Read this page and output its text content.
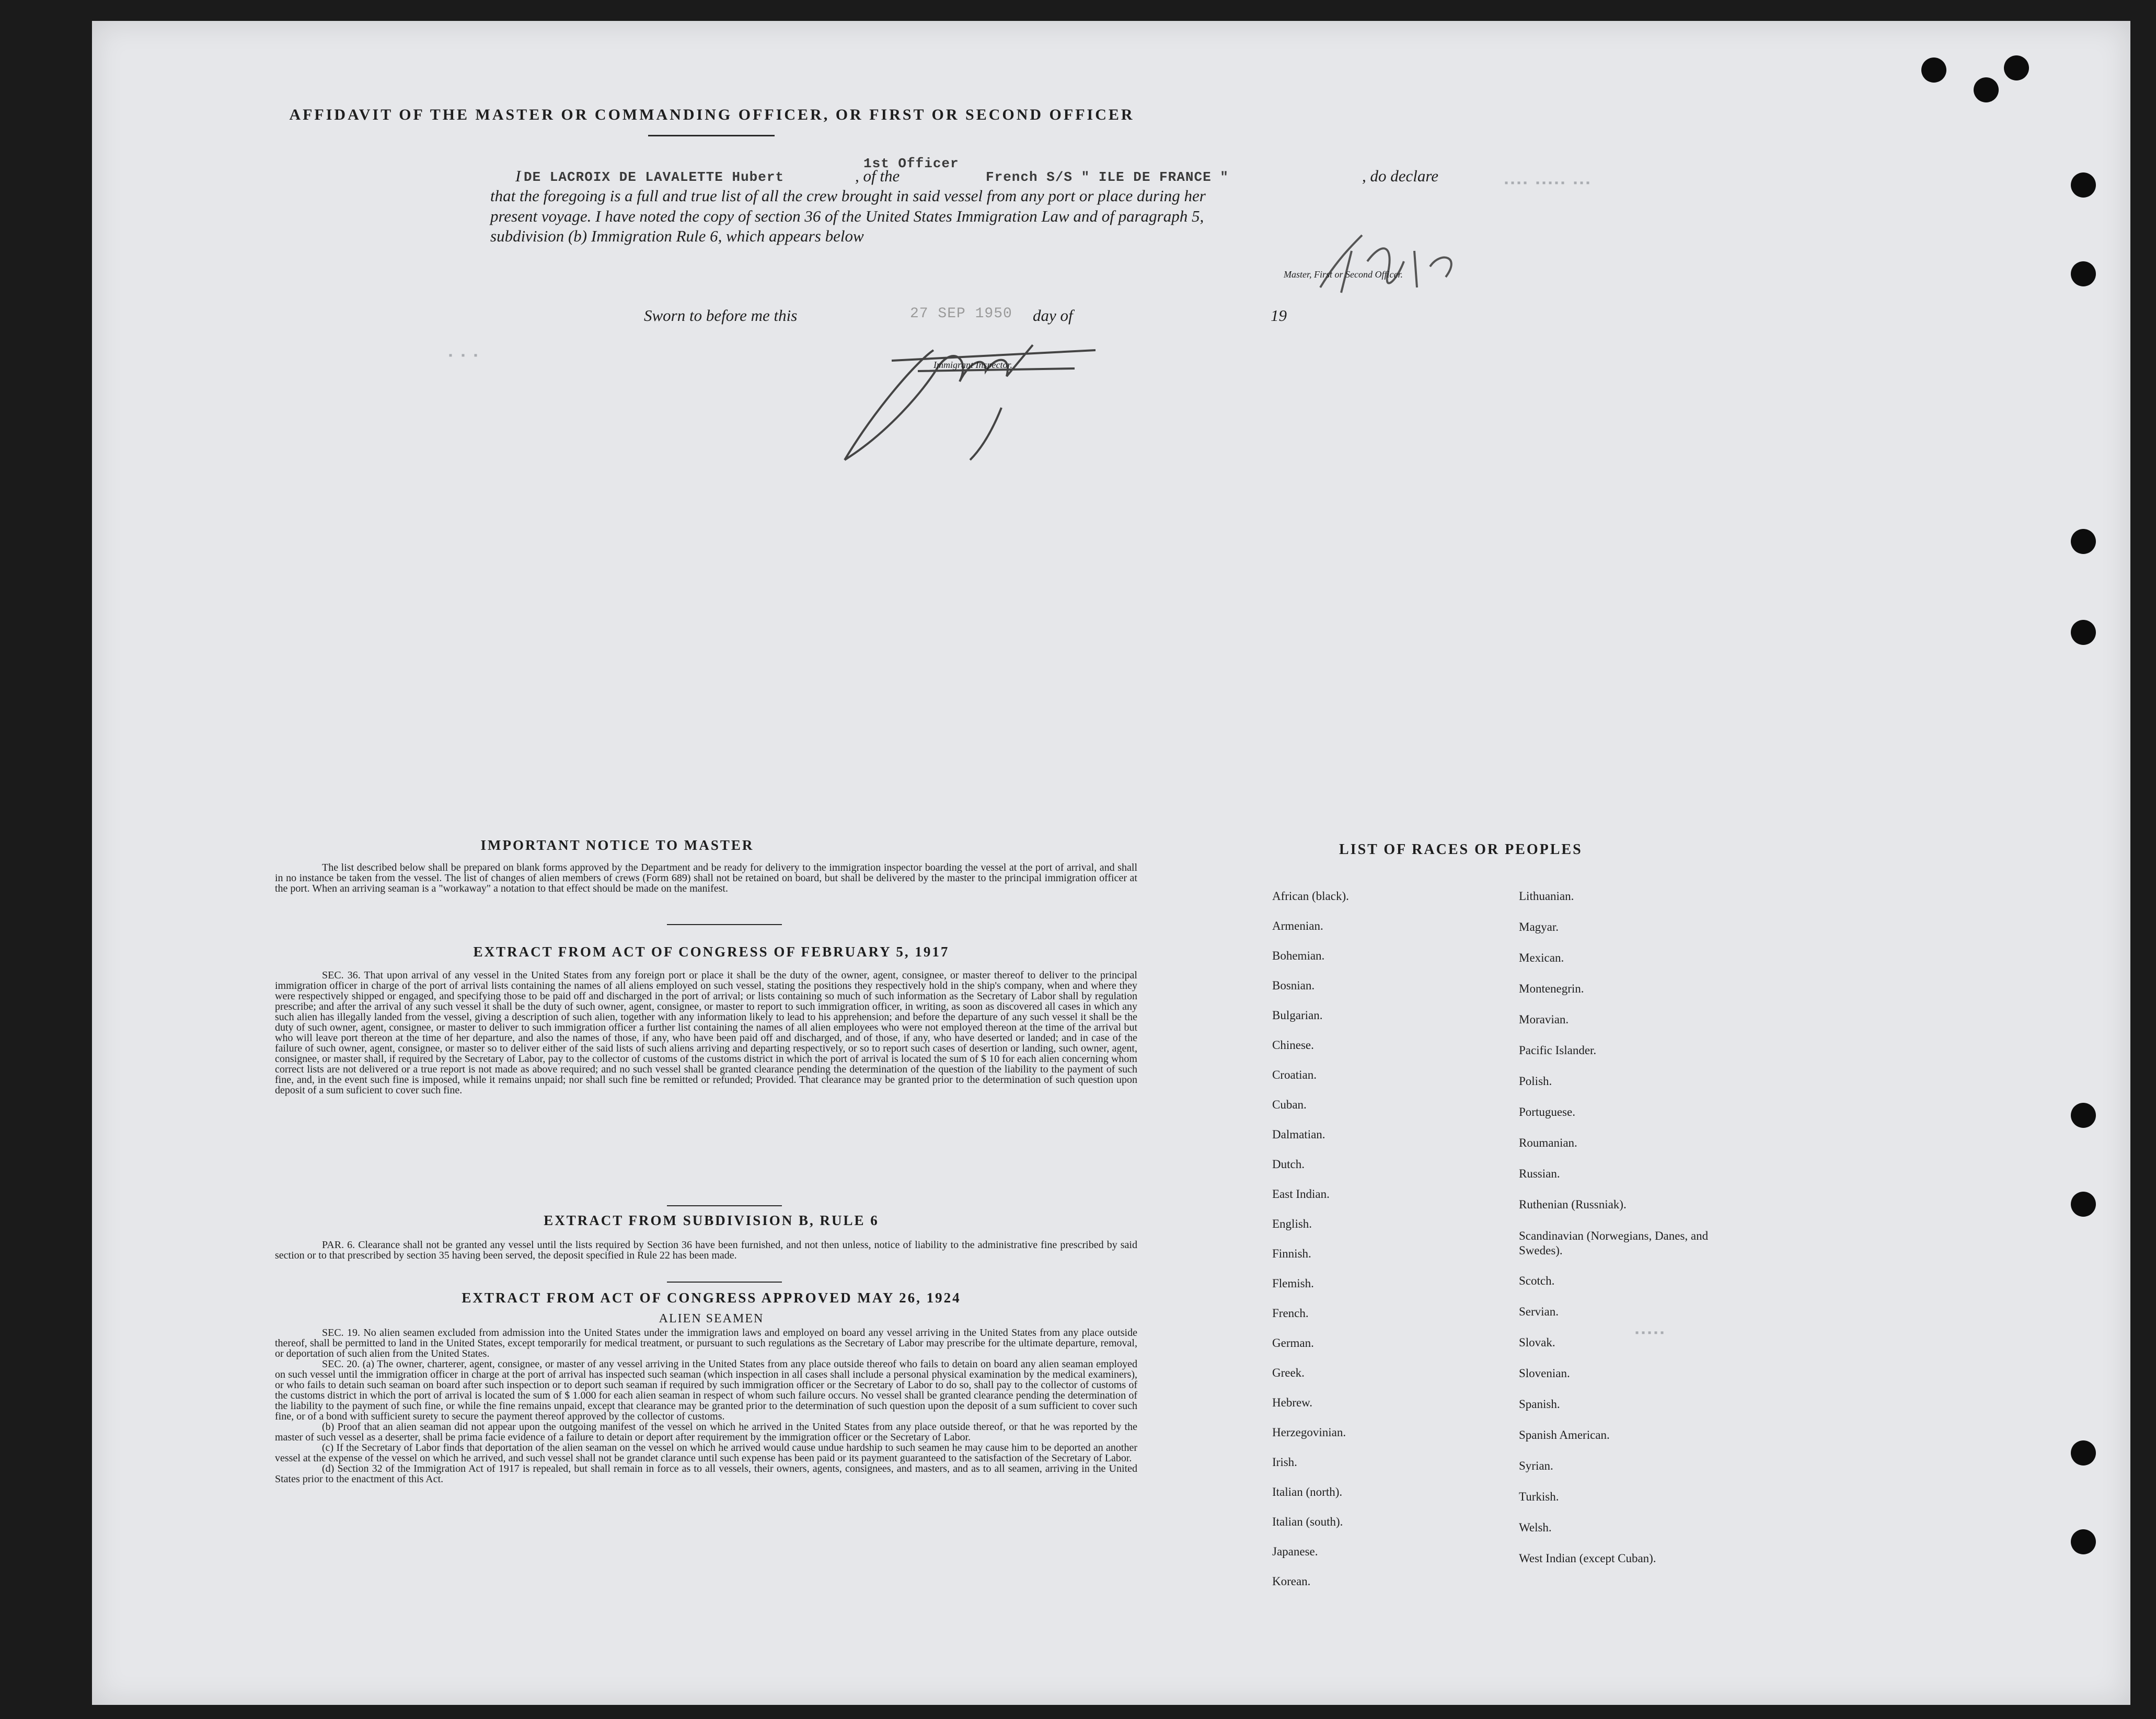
▪ ▪ ▪
▪▪▪▪ ▪▪▪▪▪ ▪▪▪
▪▪▪▪▪
AFFIDAVIT OF THE MASTER OR COMMANDING OFFICER, OR FIRST OR SECOND OFFICER
I DE LACROIX DE LAVALETTE Hubert
1st Officer
, of the	French S/S " ILE DE FRANCE "	, do declare
that the foregoing is a full and true list of all the crew brought in said vessel from any port or place during her
present voyage. I have noted the copy of section 36 of the United States Immigration Law and of paragraph 5,
subdivision (b) Immigration Rule 6, which appears below
Master, First or Second Officer.
Sworn to before me this	27 SEP 1950 day of	19
Immigrant Inspector.
IMPORTANT NOTICE TO MASTER

The list described below shall be prepared on blank forms approved by the Department and be ready for delivery to the immigration inspector boarding the vessel at the port of arrival, and shall in no instance be taken from the vessel. The list of changes of alien members of crews (Form 689) shall not be retained on board, but shall be delivered by the master to the principal immigration officer at the port. When an arriving seaman is a "workaway" a notation to that effect should be made on the manifest.

EXTRACT FROM ACT OF CONGRESS OF FEBRUARY 5, 1917

SEC. 36. That upon arrival of any vessel in the United States from any foreign port or place it shall be the duty of the owner, agent, consignee, or master thereof to deliver to the principal immigration officer in charge of the port of arrival lists containing the names of all aliens employed on such vessel, stating the positions they respectively hold in the ship's company, when and where they were respectively shipped or engaged, and specifying those to be paid off and discharged in the port of arrival; or lists containing so much of such information as the Secretary of Labor shall by regulation prescribe; and after the arrival of any such vessel it shall be the duty of such owner, agent, consignee, or master to report to such immigration officer, in writing, as soon as discovered all cases in which any such alien has illegally landed from the vessel, giving a description of such alien, together with any information likely to lead to his apprehension; and before the departure of any such vessel it shall be the duty of such owner, agent, consignee, or master to deliver to such immigration officer a further list containing the names of all alien employees who were not employed thereon at the time of the arrival but who will leave port thereon at the time of her departure, and also the names of those, if any, who have been paid off and discharged, and of those, if any, who have deserted or landed; and in case of the failure of such owner, agent, consignee, or master so to deliver either of the said lists of such aliens arriving and departing respectively, or so to report such cases of desertion or landing, such owner, agent, consignee, or master shall, if required by the Secretary of Labor, pay to the collector of customs of the customs district in which the port of arrival is located the sum of $ 10 for each alien concerning whom correct lists are not delivered or a true report is not made as above required; and no such vessel shall be granted clearance pending the determination of the question of the liability to the payment of such fine, and, in the event such fine is imposed, while it remains unpaid; nor shall such fine be remitted or refunded; Provided. That clearance may be granted prior to the determination of such question upon deposit of a sum suficient to cover such fine.

EXTRACT FROM SUBDIVISION B, RULE 6

PAR. 6. Clearance shall not be granted any vessel until the lists required by Section 36 have been furnished, and not then unless, notice of liability to the administrative fine prescribed by said section or to that prescribed by section 35 having been served, the deposit specified in Rule 22 has been made.

EXTRACT FROM ACT OF CONGRESS APPROVED MAY 26, 1924
ALIEN SEAMEN

SEC. 19. No alien seamen excluded from admission into the United States under the immigration laws and employed on board any vessel arriving in the United States from any place outside thereof, shall be permitted to land in the United States, except temporarily for medical treatment, or pursuant to such regulations as the Secretary of Labor may prescribe for the ultimate departure, removal, or deportation of such alien from the United States.

SEC. 20. (a) The owner, charterer, agent, consignee, or master of any vessel arriving in the United States from any place outside thereof who fails to detain on board any alien seaman employed on such vessel until the immigration officer in charge at the port of arrival has inspected such seaman (which inspection in all cases shall include a personal physical examination by the medical examiners), or who fails to detain such seaman on board after such inspection or to deport such seaman if required by such immigration officer or the Secretary of Labor to do so, shall pay to the collector of customs of the customs district in which the port of arrival is located the sum of $ 1.000 for each alien seaman in respect of whom such failure occurs. No vessel shall be granted clearance pending the determination of the liability to the payment of such fine, or while the fine remains unpaid, except that clearance may be granted prior to the determination of such question upon the deposit of a sum sufficient to cover such fine, or of a bond with sufficient surety to secure the payment thereof approved by the collector of customs.

(b) Proof that an alien seaman did not appear upon the outgoing manifest of the vessel on which he arrived in the United States from any place outside thereof, or that he was reported by the master of such vessel as a deserter, shall be prima facie evidence of a failure to detain or deport after requirement by the immigration officer or the Secretary of Labor.

(c) If the Secretary of Labor finds that deportation of the alien seaman on the vessel on which he arrived would cause undue hardship to such seamen he may cause him to be deported an another vessel at the expense of the vessel on which he arrived, and such vessel shall not be grandet clarance until such expense has been paid or its payment guaranteed to the satisfaction of the Secretary of Labor.

(d) Section 32 of the Immigration Act of 1917 is repealed, but shall remain in force as to all vessels, their owners, agents, consignees, and masters, and as to all seamen, arriving in the United States prior to the enactment of this Act.

LIST OF RACES OR PEOPLES
African (black).
Armenian.
Bohemian.
Bosnian.
Bulgarian.
Chinese.
Croatian.
Cuban.
Dalmatian.
Dutch.
East Indian.
English.
Finnish.
Flemish.
French.
German.
Greek.
Hebrew.
Herzegovinian.
Irish.
Italian (north).
Italian (south).
Japanese.
Korean.
Lithuanian.
Magyar.
Mexican.
Montenegrin.
Moravian.
Pacific Islander.
Polish.
Portuguese.
Roumanian.
Russian.
Ruthenian (Russniak).
Scandinavian (Norwegians, Danes, and Swedes).
Scotch.
Servian.
Slovak.
Slovenian.
Spanish.
Spanish American.
Syrian.
Turkish.
Welsh.
West Indian (except Cuban).
